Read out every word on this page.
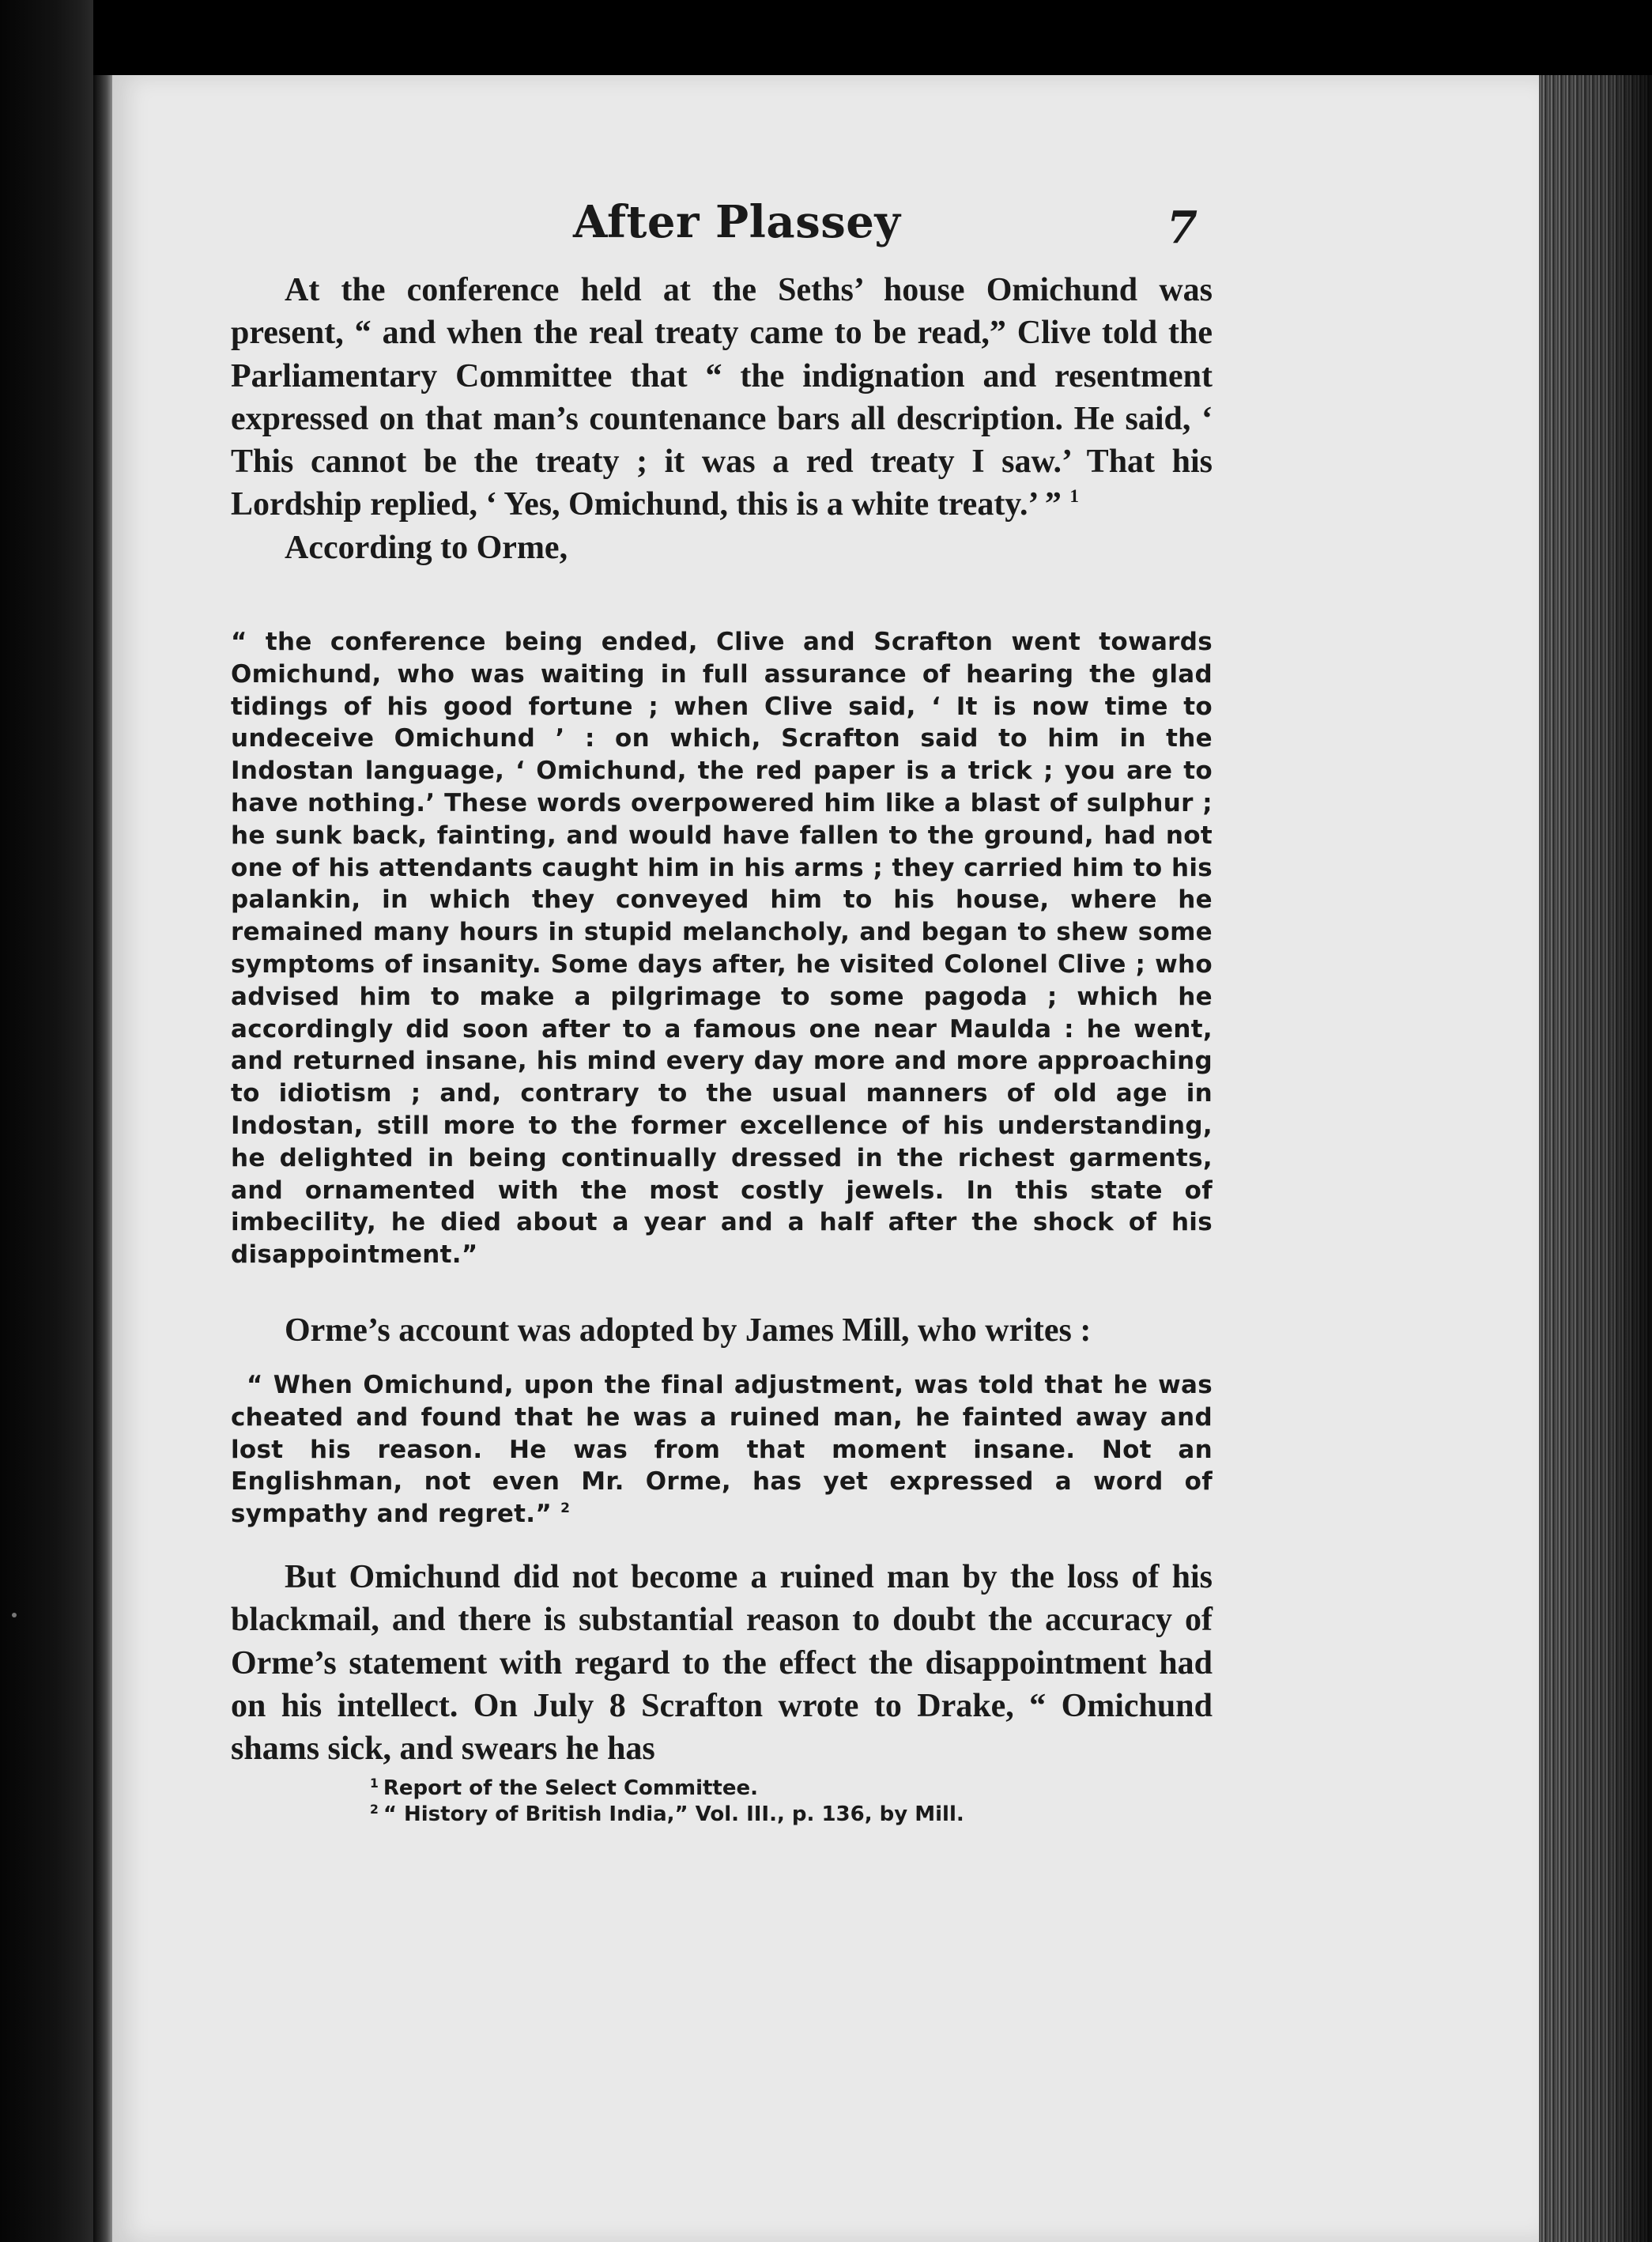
After Plassey	7

At the conference held at the Seths’ house Omichund was present, “ and when the real treaty came to be read,” Clive told the Parliamentary Committee that “ the indignation and resentment expressed on that man’s countenance bars all description. He said, ‘ This cannot be the treaty ; it was a red treaty I saw.’ That his Lordship replied, ‘ Yes, Omichund, this is a white treaty.’ ” $^1$

According to Orme,

“ the conference being ended, Clive and Scrafton went towards Omichund, who was waiting in full assurance of hearing the glad tidings of his good fortune ; when Clive said, ‘ It is now time to undeceive Omichund ’ : on which, Scrafton said to him in the Indostan language, ‘ Omichund, the red paper is a trick ; you are to have nothing.’ These words overpowered him like a blast of sulphur ; he sunk back, fainting, and would have fallen to the ground, had not one of his attendants caught him in his arms ; they carried him to his palankin, in which they conveyed him to his house, where he remained many hours in stupid melancholy, and began to shew some symptoms of insanity. Some days after, he visited Colonel Clive ; who advised him to make a pilgrimage to some pagoda ; which he accordingly did soon after to a famous one near Maulda : he went, and returned insane, his mind every day more and more approaching to idiotism ; and, contrary to the usual manners of old age in Indostan, still more to the former excellence of his understanding, he delighted in being continually dressed in the richest garments, and ornamented with the most costly jewels. In this state of imbecility, he died about a year and a half after the shock of his disappointment.”

Orme’s account was adopted by James Mill, who writes :

“ When Omichund, upon the final adjustment, was told that he was cheated and found that he was a ruined man, he fainted away and lost his reason. He was from that moment insane. Not an Englishman, not even Mr. Orme, has yet expressed a word of sympathy and regret.” $^2$

But Omichund did not become a ruined man by the loss of his blackmail, and there is substantial reason to doubt the accuracy of Orme’s statement with regard to the effect the disappointment had on his intellect. On July 8 Scrafton wrote to Drake, “ Omichund shams sick, and swears he has

$^1$ Report of the Select Committee.

$^2$ “ History of British India,” Vol. III., p. 136, by Mill.
